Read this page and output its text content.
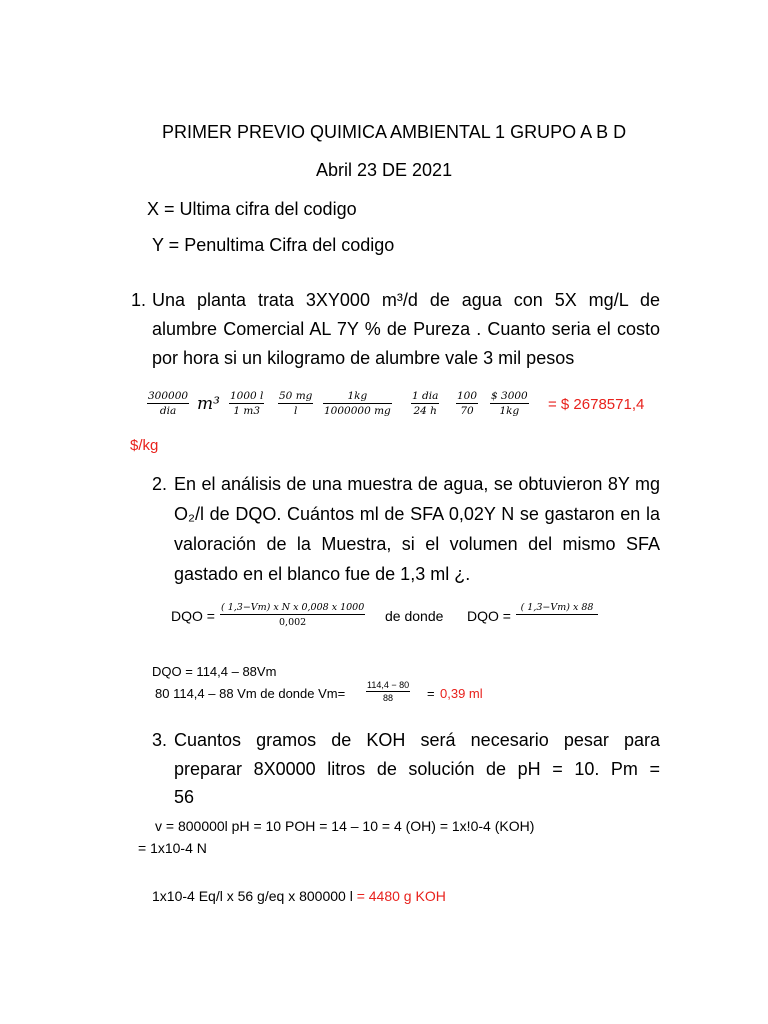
PRIMER PREVIO QUIMICA AMBIENTAL 1 GRUPO A B D
Abril 23 DE 2021
X = Ultima cifra del codigo
Y = Penultima Cifra del codigo
1. Una planta trata 3XY000 m³/d de agua con 5X mg/L de
alumbre Comercial AL 7Y % de Pureza . Cuanto seria el costo
por hora si un kilogramo de alumbre vale 3 mil pesos
300000
dia	$m^3 \frac{1000 l}{1 m3} \frac{50 mg}{l} \frac{1kg}{1000000 mg} 1$ dia
24 h $\frac{100}{70} \frac{\$ 3000}{1kg}$ = $ 2678571,4
$/kg
2. En el análisis de una muestra de agua, se obtuvieron 8Y mg
O₂/l de DQO. Cuántos ml de SFA 0,02Y N se gastaron en la
valoración de la Muestra, si el volumen del mismo SFA
gastado en el blanco fue de 1,3 ml ¿.
DQO = $\frac{\text{( 1,3−Vm) x N x 0,008 x 1000}}{0,002}$ de donde DQO =
( 1,3−Vm) x 88
DQO = 114,4 – 88Vm
80 114,4 – 88 Vm de donde $Vm= \frac{114,4 - 80}{88} = 0,39$ ml
3. Cuantos gramos de KOH será necesario pesar para
preparar 8X0000 litros de solución de pH = 10. Pm =
56
v = 800000l pH = 10 POH = 14 – 10 = 4 (OH) = 1x!0-4 (KOH)
= 1x10-4 N
1x10-4 Eq/l x 56 g/eq x 800000 l = 4480 g KOH
